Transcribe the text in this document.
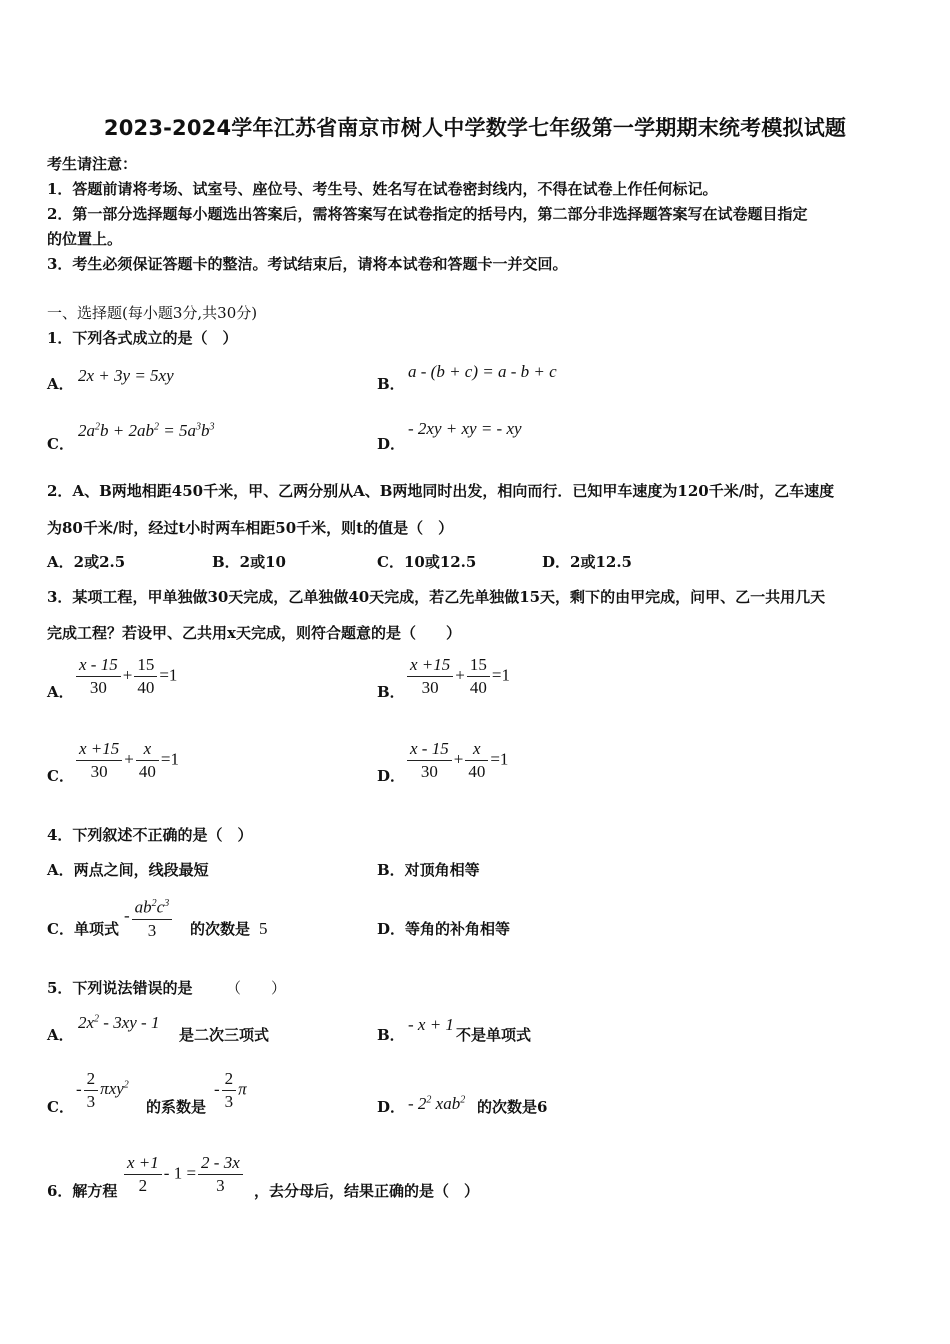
2023-2024学年江苏省南京市树人中学数学七年级第一学期期末统考模拟试题
考生请注意：
1．答题前请将考场、试室号、座位号、考生号、姓名写在试卷密封线内，不得在试卷上作任何标记。
2．第一部分选择题每小题选出答案后，需将答案写在试卷指定的括号内，第二部分非选择题答案写在试卷题目指定
的位置上。
3．考生必须保证答题卡的整洁。考试结束后，请将本试卷和答题卡一并交回。
一、选择题(每小题3分,共30分)
1．下列各式成立的是（　）
A． 2x + 3y = 5xy	B．
a - (b + c) = a - b + c
C．
$2a^2b + 2ab^2 = 5a^3b^3$
D．
- 2xy + xy = - xy
2．A、B两地相距450千米，甲、乙两分别从A、B两地同时出发，相向而行．已知甲车速度为120千米/时，乙车速度
为80千米/时，经过t小时两车相距50千米，则t的值是（　）
A．2或2.5	B．2或10	C．10或12.5	D．2或12.5
3．某项工程，甲单独做30天完成，乙单独做40天完成，若乙先单独做15天，剩下的由甲完成，问甲、乙一共用几天
完成工程？若设甲、乙共用x天完成，则符合题意的是（　　）
A． $\frac{x - 15}{30} + \frac{15}{40} =1$
B． $\frac{x +15}{30} + \frac{15}{40} =1$
C． $\frac{x +15}{30} + \frac{x}{40} =1$
D． $\frac{x - 15}{30} + \frac{x}{40} =1$
4．下列叙述不正确的是（　）
A．两点之间，线段最短	B．对顶角相等
C．单项式
- $\frac{ab^2c^3}{3}$ 的次数是 5	D．等角的补角相等
5．下列说法错误的是 （　　）
A．
$2x^2 - 3xy - 1$
是二次三项式	B．
- x + 1
不是单项式
C．
- $\frac{2}{3} \pi xy^2$
的系数是
- $\frac{2}{3}$ π
D． - $2^2$ xab$^2$ 的次数是6
6．解方程 $\frac{x +1}{2} - 1 = \frac{2 - 3x}{3}$ ，去分母后，结果正确的是（　）
